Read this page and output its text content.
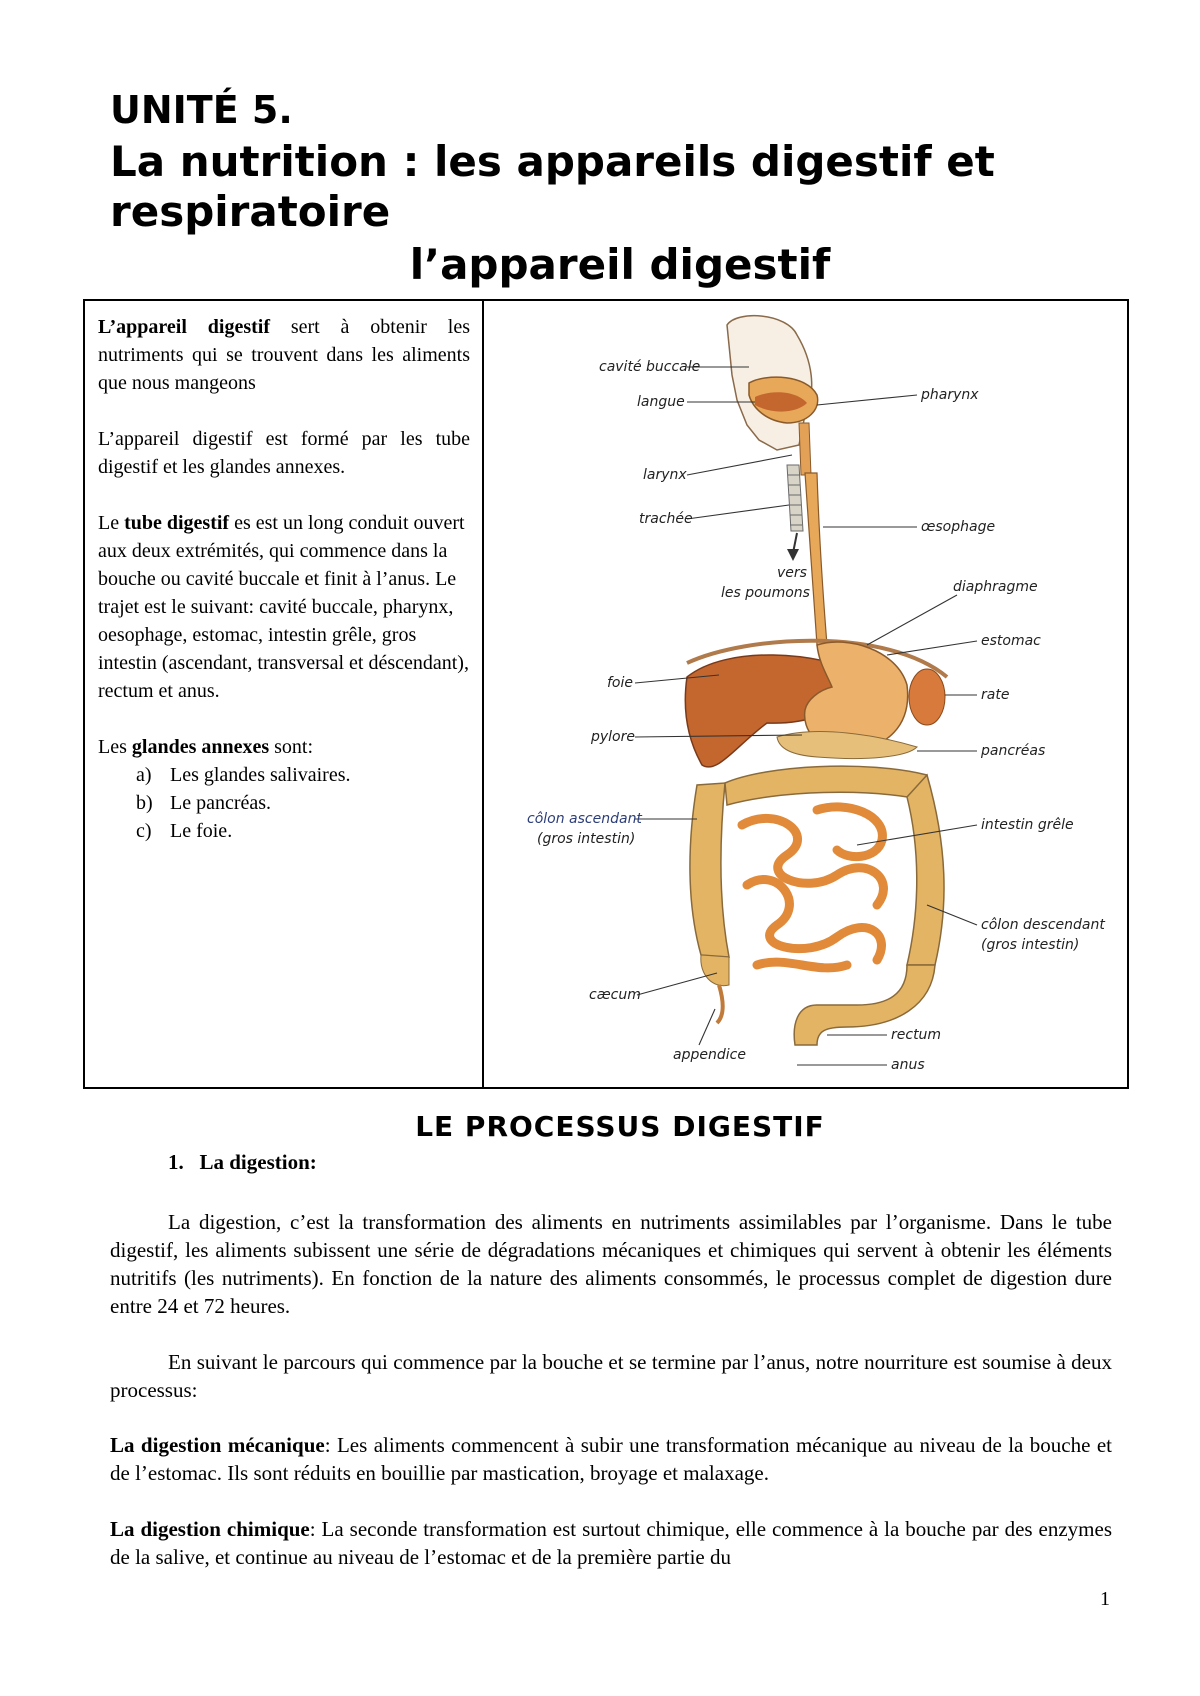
UNITÉ 5.
La nutrition : les appareils digestif et
respiratoire
l’appareil digestif

L’appareil digestif sert à obtenir les nutriments qui se trouvent dans les aliments que nous mangeons

L’appareil digestif est formé par les tube digestif et les glandes annexes.

Le tube digestif es est un long conduit ouvert aux deux extrémités, qui commence dans la bouche ou cavité buccale et finit à l’anus. Le trajet est le suivant: cavité buccale, pharynx, oesophage, estomac, intestin grêle, gros intestin (ascendant, transversal et déscendant), rectum et anus.

Les glandes annexes sont:
a) Les glandes salivaires.
b) Le pancréas.
c) Le foie.
cavité buccale
langue
larynx
trachée
vers
les poumons
pharynx
œsophage
diaphragme
estomac
foie
rate
pylore
pancréas
côlon ascendant
(gros intestin)
intestin grêle
côlon descendant
(gros intestin)
cæcum
appendice
rectum
anus
LE PROCESSUS DIGESTIF
1. La digestion:
La digestion, c’est la transformation des aliments en nutriments assimilables par l’organisme. Dans le tube digestif, les aliments subissent une série de dégradations mécaniques et chimiques qui servent à obtenir les éléments nutritifs (les nutriments). En fonction de la nature des aliments consommés, le processus complet de digestion dure entre 24 et 72 heures.
En suivant le parcours qui commence par la bouche et se termine par l’anus, notre nourriture est soumise à deux processus:
La digestion mécanique: Les aliments commencent à subir une transformation mécanique au niveau de la bouche et de l’estomac. Ils sont réduits en bouillie par mastication, broyage et malaxage.
La digestion chimique: La seconde transformation est surtout chimique, elle commence à la bouche par des enzymes de la salive, et continue au niveau de l’estomac et de la première partie du
1
